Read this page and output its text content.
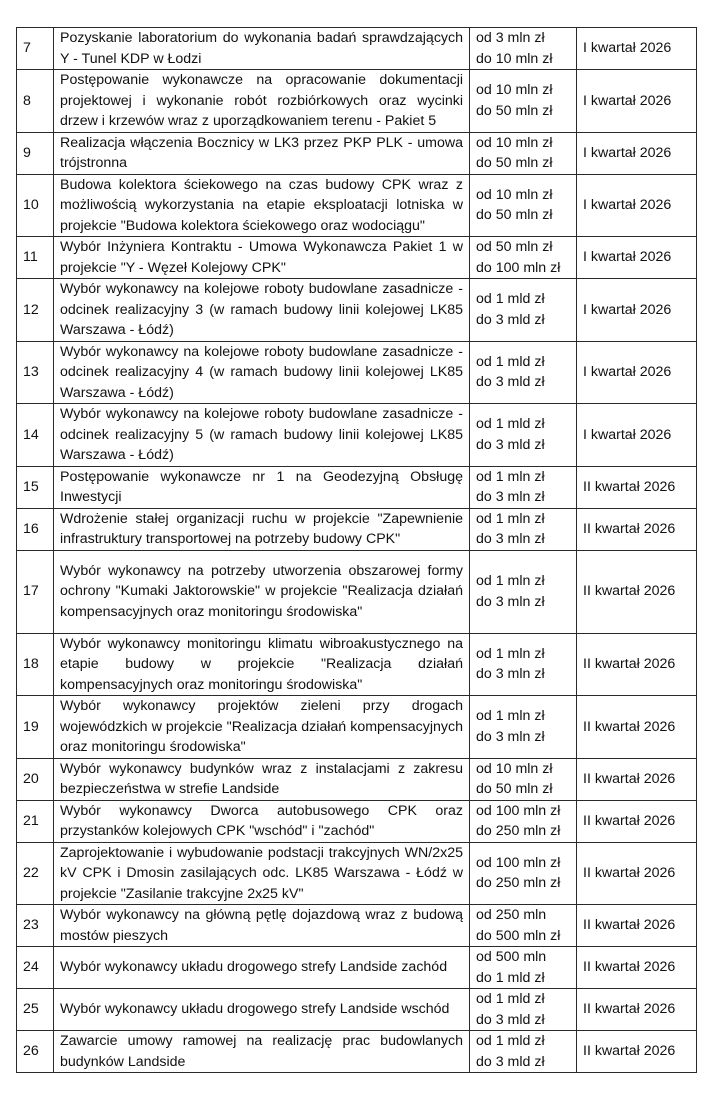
7	Pozyskanie laboratorium do wykonania badań sprawdzających Y - Tunel KDP w Łodzi	od 3 mln zł
do 10 mln zł	I kwartał 2026
8	Postępowanie wykonawcze na opracowanie dokumentacji projektowej i wykonanie robót rozbiórkowych oraz wycinki drzew i krzewów wraz z uporządkowaniem terenu - Pakiet 5	od 10 mln zł
do 50 mln zł	I kwartał 2026
9	Realizacja włączenia Bocznicy w LK3 przez PKP PLK - umowa trójstronna	od 10 mln zł
do 50 mln zł	I kwartał 2026
10	Budowa kolektora ściekowego na czas budowy CPK wraz z możliwością wykorzystania na etapie eksploatacji lotniska w projekcie "Budowa kolektora ściekowego oraz wodociągu"	od 10 mln zł
do 50 mln zł	I kwartał 2026
11	Wybór Inżyniera Kontraktu - Umowa Wykonawcza Pakiet 1 w projekcie "Y - Węzeł Kolejowy CPK"	od 50 mln zł
do 100 mln zł	I kwartał 2026
12	Wybór wykonawcy na kolejowe roboty budowlane zasadnicze - odcinek realizacyjny 3 (w ramach budowy linii kolejowej LK85 Warszawa - Łódź)	od 1 mld zł
do 3 mld zł	I kwartał 2026
13	Wybór wykonawcy na kolejowe roboty budowlane zasadnicze - odcinek realizacyjny 4 (w ramach budowy linii kolejowej LK85 Warszawa - Łódź)	od 1 mld zł
do 3 mld zł	I kwartał 2026
14	Wybór wykonawcy na kolejowe roboty budowlane zasadnicze - odcinek realizacyjny 5 (w ramach budowy linii kolejowej LK85 Warszawa - Łódź)	od 1 mld zł
do 3 mld zł	I kwartał 2026
15	Postępowanie wykonawcze nr 1 na Geodezyjną Obsługę Inwestycji	od 1 mln zł
do 3 mln zł	II kwartał 2026
16	Wdrożenie stałej organizacji ruchu w projekcie "Zapewnienie infrastruktury transportowej na potrzeby budowy CPK"	od 1 mln zł
do 3 mln zł	II kwartał 2026
17	Wybór wykonawcy na potrzeby utworzenia obszarowej formy ochrony "Kumaki Jaktorowskie" w projekcie "Realizacja działań kompensacyjnych oraz monitoringu środowiska"	od 1 mln zł
do 3 mln zł	II kwartał 2026
18	Wybór wykonawcy monitoringu klimatu wibroakustycznego na etapie budowy w projekcie "Realizacja działań kompensacyjnych oraz monitoringu środowiska"	od 1 mln zł
do 3 mln zł	II kwartał 2026
19	Wybór wykonawcy projektów zieleni przy drogach wojewódzkich w projekcie "Realizacja działań kompensacyjnych oraz monitoringu środowiska"	od 1 mln zł
do 3 mln zł	II kwartał 2026
20	Wybór wykonawcy budynków wraz z instalacjami z zakresu bezpieczeństwa w strefie Landside	od 10 mln zł
do 50 mln zł	II kwartał 2026
21	Wybór wykonawcy Dworca autobusowego CPK oraz przystanków kolejowych CPK "wschód" i "zachód"	od 100 mln zł
do 250 mln zł	II kwartał 2026
22	Zaprojektowanie i wybudowanie podstacji trakcyjnych WN/2x25 kV CPK i Dmosin zasilających odc. LK85 Warszawa - Łódź w projekcie "Zasilanie trakcyjne 2x25 kV"	od 100 mln zł
do 250 mln zł	II kwartał 2026
23	Wybór wykonawcy na główną pętlę dojazdową wraz z budową mostów pieszych	od 250 mln
do 500 mln zł	II kwartał 2026
24	Wybór wykonawcy układu drogowego strefy Landside zachód	od 500 mln
do 1 mld zł	II kwartał 2026
25	Wybór wykonawcy układu drogowego strefy Landside wschód	od 1 mld zł
do 3 mld zł	II kwartał 2026
26	Zawarcie umowy ramowej na realizację prac budowlanych budynków Landside	od 1 mld zł
do 3 mld zł	II kwartał 2026
